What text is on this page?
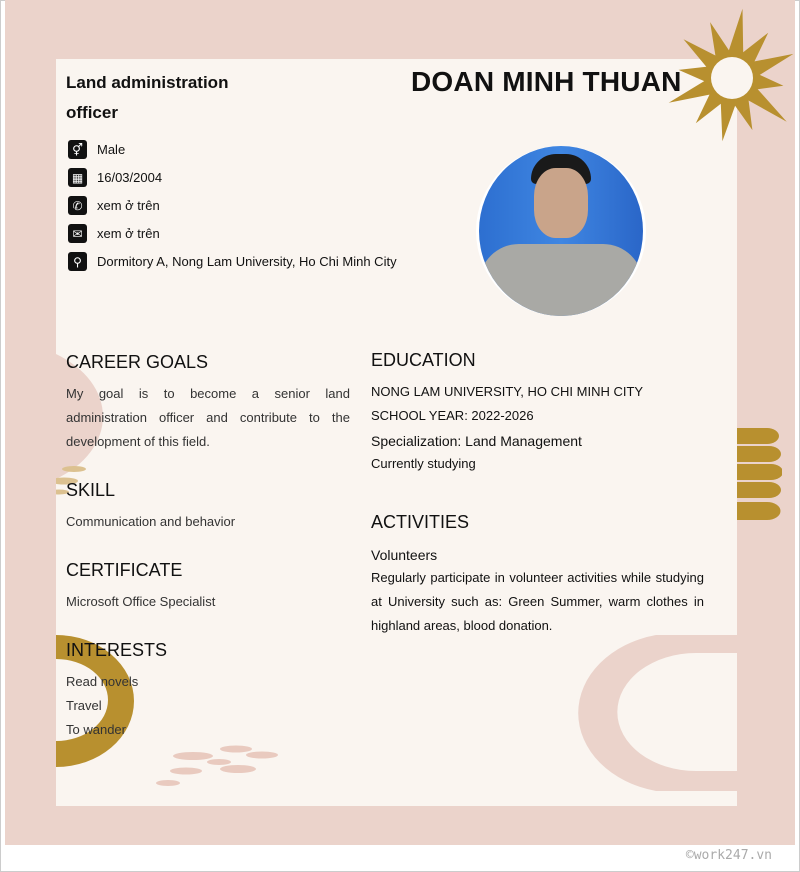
Land administration officer
DOAN MINH THUAN
⚥	Male
▦ 16/03/2004
✆	xem ở trên
✉	xem ở trên
⚲	Dormitory A, Nong Lam University, Ho Chi Minh City
CAREER GOALS
My goal is to become a senior land administration officer and contribute to the development of this field.
SKILL
Communication and behavior
CERTIFICATE
Microsoft Office Specialist
INTERESTS
Read novels
Travel
To wander
EDUCATION
NONG LAM UNIVERSITY, HO CHI MINH CITY
SCHOOL YEAR: 2022-2026
Specialization: Land Management
Currently studying
ACTIVITIES
Volunteers
Regularly participate in volunteer activities while studying at University such as: Green Summer, warm clothes in highland areas, blood donation.
©work247.vn
